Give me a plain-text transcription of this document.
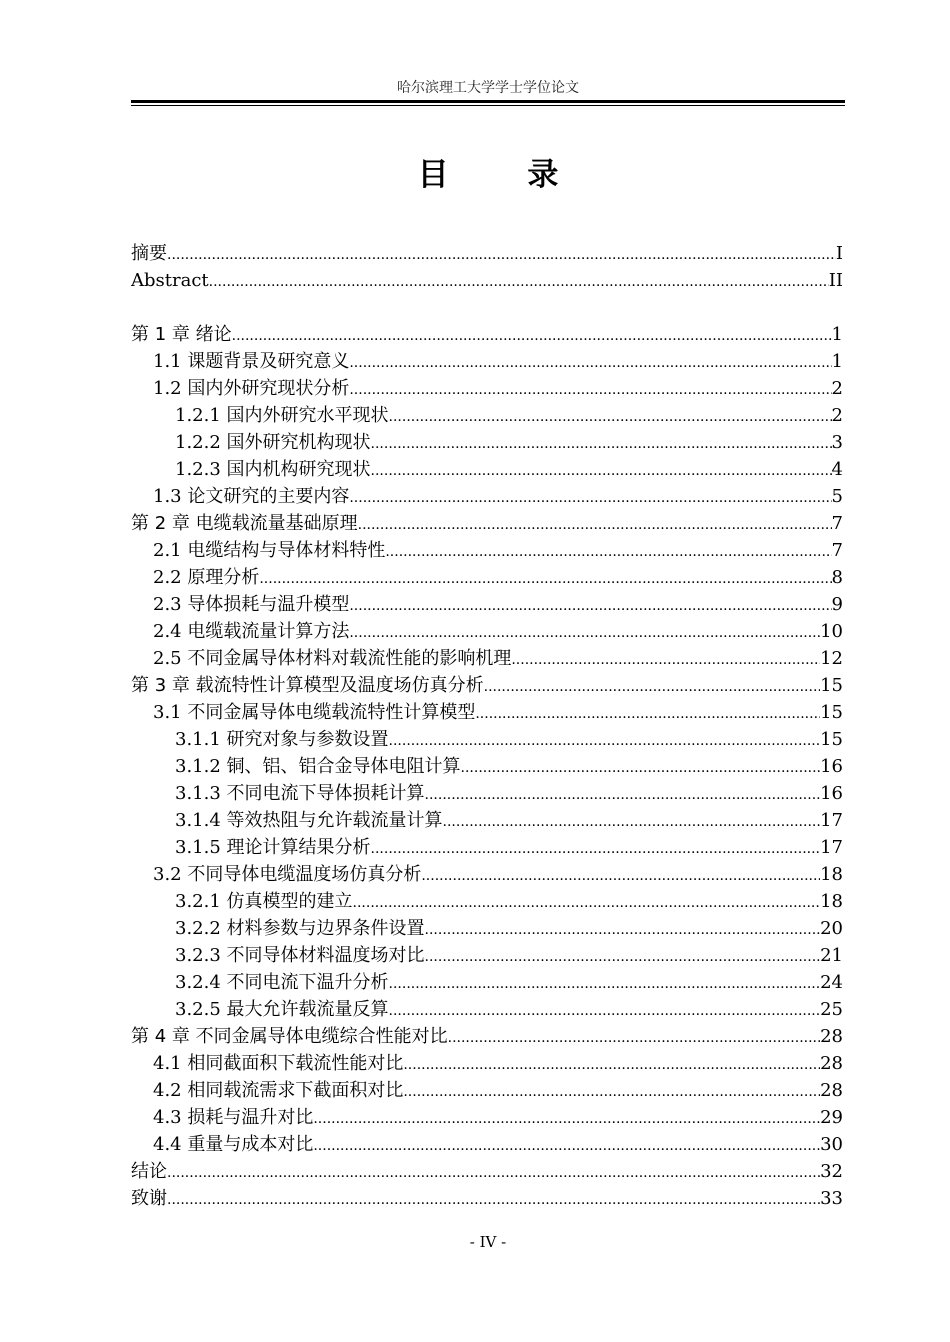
哈尔滨理工大学学士学位论文
目 录
摘要 .....	I
Abstract .....	II
第 1 章 绪论 .....	1
1.1 课题背景及研究意义 .....	1
1.2 国内外研究现状分析 .....	2
1.2.1 国内外研究水平现状 .....	2
1.2.2 国外研究机构现状 .....	3
1.2.3 国内机构研究现状 .....	4
1.3 论文研究的主要内容 .....	5
第 2 章 电缆载流量基础原理 .....	7
2.1 电缆结构与导体材料特性 .....	7
2.2 原理分析 .....	8
2.3 导体损耗与温升模型 .....	9
2.4 电缆载流量计算方法 .....	10
2.5 不同金属导体材料对载流性能的影响机理 .....	12
第 3 章 载流特性计算模型及温度场仿真分析 .....	15
3.1 不同金属导体电缆载流特性计算模型 .....	15
3.1.1 研究对象与参数设置 .....	15
3.1.2 铜、铝、铝合金导体电阻计算 .....	16
3.1.3 不同电流下导体损耗计算 .....	16
3.1.4 等效热阻与允许载流量计算 .....	17
3.1.5 理论计算结果分析 .....	17
3.2 不同导体电缆温度场仿真分析 .....	18
3.2.1 仿真模型的建立 .....	18
3.2.2 材料参数与边界条件设置 .....	20
3.2.3 不同导体材料温度场对比 .....	21
3.2.4 不同电流下温升分析 .....	24
3.2.5 最大允许载流量反算 .....	25
第 4 章 不同金属导体电缆综合性能对比 .....	28
4.1 相同截面积下载流性能对比 .....	28
4.2 相同载流需求下截面积对比 .....	28
4.3 损耗与温升对比 .....	29
4.4 重量与成本对比 .....	30
结论 .....	32
致谢 .....	33
- IV -
